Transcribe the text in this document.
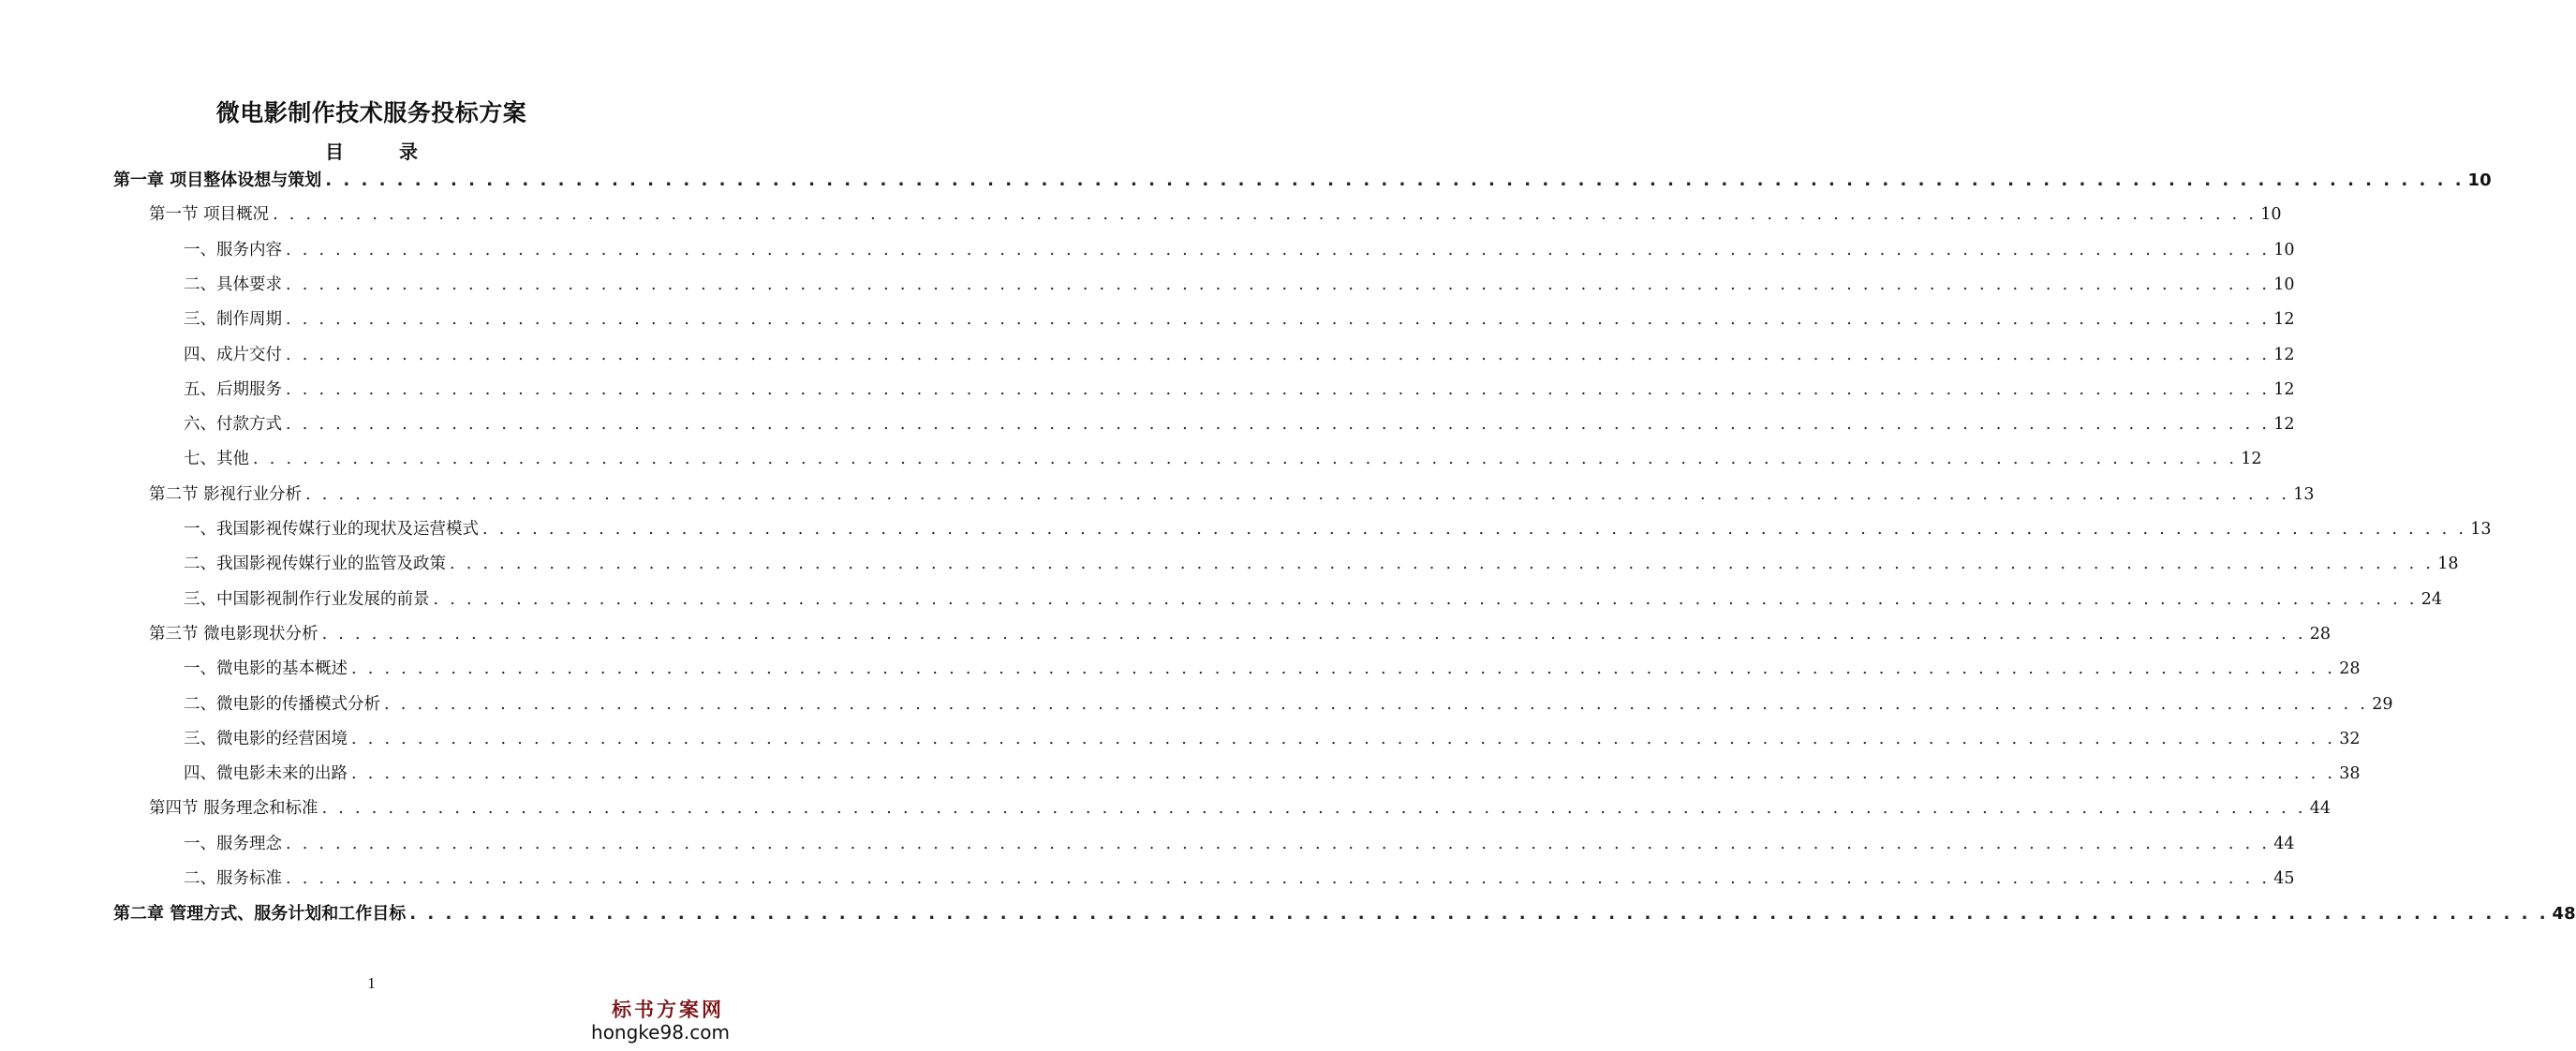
微电影制作技术服务投标方案
目 录
第一章 项目整体设想与策划 . . . . . . . . . . . . . . . . . . . . . . . . . . . . . . . . . . . . . . . . . . . . . . . . . . . . . . . . . . . . . . . . . . . . . . . . . . . . . . . . . . . . . . . . . . . . . . . . . . . . . . . . . . . . . . . . . . . . . . . . 10
第一节 项目概况 . . . . . . . . . . . . . . . . . . . . . . . . . . . . . . . . . . . . . . . . . . . . . . . . . . . . . . . . . . . . . . . . . . . . . . . . . . . . . . . . . . . . . . . . . . . . . . . . . . . . . . . . . . . . . . . . . . . . . . . . 10
一、服务内容 . . . . . . . . . . . . . . . . . . . . . . . . . . . . . . . . . . . . . . . . . . . . . . . . . . . . . . . . . . . . . . . . . . . . . . . . . . . . . . . . . . . . . . . . . . . . . . . . . . . . . . . . . . . . . . . . . . . . . . . . 10
二、具体要求 . . . . . . . . . . . . . . . . . . . . . . . . . . . . . . . . . . . . . . . . . . . . . . . . . . . . . . . . . . . . . . . . . . . . . . . . . . . . . . . . . . . . . . . . . . . . . . . . . . . . . . . . . . . . . . . . . . . . . . . . 10
三、制作周期 . . . . . . . . . . . . . . . . . . . . . . . . . . . . . . . . . . . . . . . . . . . . . . . . . . . . . . . . . . . . . . . . . . . . . . . . . . . . . . . . . . . . . . . . . . . . . . . . . . . . . . . . . . . . . . . . . . . . . . . . 12
四、成片交付 . . . . . . . . . . . . . . . . . . . . . . . . . . . . . . . . . . . . . . . . . . . . . . . . . . . . . . . . . . . . . . . . . . . . . . . . . . . . . . . . . . . . . . . . . . . . . . . . . . . . . . . . . . . . . . . . . . . . . . . . 12
五、后期服务 . . . . . . . . . . . . . . . . . . . . . . . . . . . . . . . . . . . . . . . . . . . . . . . . . . . . . . . . . . . . . . . . . . . . . . . . . . . . . . . . . . . . . . . . . . . . . . . . . . . . . . . . . . . . . . . . . . . . . . . . 12
六、付款方式 . . . . . . . . . . . . . . . . . . . . . . . . . . . . . . . . . . . . . . . . . . . . . . . . . . . . . . . . . . . . . . . . . . . . . . . . . . . . . . . . . . . . . . . . . . . . . . . . . . . . . . . . . . . . . . . . . . . . . . . . 12
七、其他 . . . . . . . . . . . . . . . . . . . . . . . . . . . . . . . . . . . . . . . . . . . . . . . . . . . . . . . . . . . . . . . . . . . . . . . . . . . . . . . . . . . . . . . . . . . . . . . . . . . . . . . . . . . . . . . . . . . . . . . . 12
第二节 影视行业分析 . . . . . . . . . . . . . . . . . . . . . . . . . . . . . . . . . . . . . . . . . . . . . . . . . . . . . . . . . . . . . . . . . . . . . . . . . . . . . . . . . . . . . . . . . . . . . . . . . . . . . . . . . . . . . . . . . . . . . . . . 13
一、我国影视传媒行业的现状及运营模式 . . . . . . . . . . . . . . . . . . . . . . . . . . . . . . . . . . . . . . . . . . . . . . . . . . . . . . . . . . . . . . . . . . . . . . . . . . . . . . . . . . . . . . . . . . . . . . . . . . . . . . . . . . . . . . . . . . . . . . . . 13
二、我国影视传媒行业的监管及政策 . . . . . . . . . . . . . . . . . . . . . . . . . . . . . . . . . . . . . . . . . . . . . . . . . . . . . . . . . . . . . . . . . . . . . . . . . . . . . . . . . . . . . . . . . . . . . . . . . . . . . . . . . . . . . . . . . . . . . . . . 18
三、中国影视制作行业发展的前景 . . . . . . . . . . . . . . . . . . . . . . . . . . . . . . . . . . . . . . . . . . . . . . . . . . . . . . . . . . . . . . . . . . . . . . . . . . . . . . . . . . . . . . . . . . . . . . . . . . . . . . . . . . . . . . . . . . . . . . . . 24
第三节 微电影现状分析 . . . . . . . . . . . . . . . . . . . . . . . . . . . . . . . . . . . . . . . . . . . . . . . . . . . . . . . . . . . . . . . . . . . . . . . . . . . . . . . . . . . . . . . . . . . . . . . . . . . . . . . . . . . . . . . . . . . . . . . . 28
一、微电影的基本概述 . . . . . . . . . . . . . . . . . . . . . . . . . . . . . . . . . . . . . . . . . . . . . . . . . . . . . . . . . . . . . . . . . . . . . . . . . . . . . . . . . . . . . . . . . . . . . . . . . . . . . . . . . . . . . . . . . . . . . . . . 28
二、微电影的传播模式分析 . . . . . . . . . . . . . . . . . . . . . . . . . . . . . . . . . . . . . . . . . . . . . . . . . . . . . . . . . . . . . . . . . . . . . . . . . . . . . . . . . . . . . . . . . . . . . . . . . . . . . . . . . . . . . . . . . . . . . . . . 29
三、微电影的经营困境 . . . . . . . . . . . . . . . . . . . . . . . . . . . . . . . . . . . . . . . . . . . . . . . . . . . . . . . . . . . . . . . . . . . . . . . . . . . . . . . . . . . . . . . . . . . . . . . . . . . . . . . . . . . . . . . . . . . . . . . . 32
四、微电影未来的出路 . . . . . . . . . . . . . . . . . . . . . . . . . . . . . . . . . . . . . . . . . . . . . . . . . . . . . . . . . . . . . . . . . . . . . . . . . . . . . . . . . . . . . . . . . . . . . . . . . . . . . . . . . . . . . . . . . . . . . . . . 38
第四节 服务理念和标准 . . . . . . . . . . . . . . . . . . . . . . . . . . . . . . . . . . . . . . . . . . . . . . . . . . . . . . . . . . . . . . . . . . . . . . . . . . . . . . . . . . . . . . . . . . . . . . . . . . . . . . . . . . . . . . . . . . . . . . . . 44
一、服务理念 . . . . . . . . . . . . . . . . . . . . . . . . . . . . . . . . . . . . . . . . . . . . . . . . . . . . . . . . . . . . . . . . . . . . . . . . . . . . . . . . . . . . . . . . . . . . . . . . . . . . . . . . . . . . . . . . . . . . . . . . 44
二、服务标准 . . . . . . . . . . . . . . . . . . . . . . . . . . . . . . . . . . . . . . . . . . . . . . . . . . . . . . . . . . . . . . . . . . . . . . . . . . . . . . . . . . . . . . . . . . . . . . . . . . . . . . . . . . . . . . . . . . . . . . . . 45
第二章 管理方式、服务计划和工作目标 . . . . . . . . . . . . . . . . . . . . . . . . . . . . . . . . . . . . . . . . . . . . . . . . . . . . . . . . . . . . . . . . . . . . . . . . . . . . . . . . . . . . . . . . . . . . . . . . . . . . . . . . . . . . . . . . . . . . . . . . 48
1
标书方案网
hongke98.com
